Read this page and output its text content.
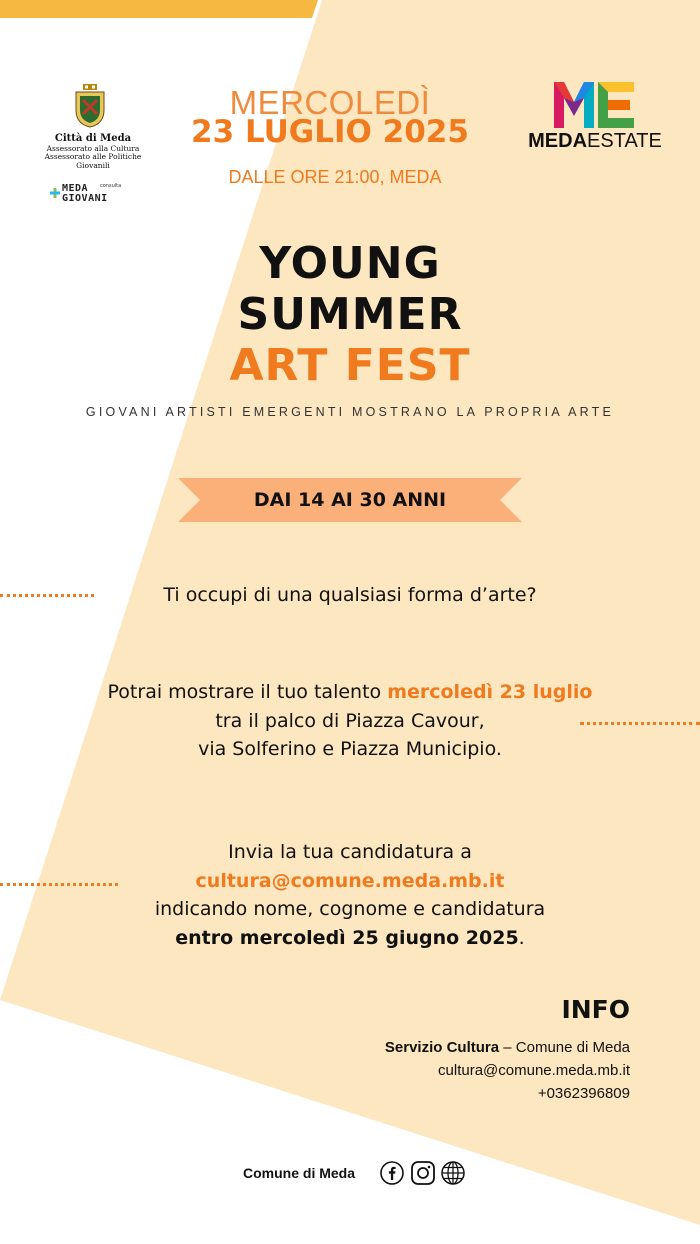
Città di Meda
Assessorato alla Cultura
Assessorato alle Politiche Giovanili
MEDA consulta
GIOVANI
MERCOLEDÌ
23 LUGLIO 2025
DALLE ORE 21:00, MEDA
MEDAESTATE
YOUNG
SUMMER
ART FEST
GIOVANI ARTISTI EMERGENTI MOSTRANO LA PROPRIA ARTE
DAI 14 AI 30 ANNI
Ti occupi di una qualsiasi forma d’arte?
Potrai mostrare il tuo talento mercoledì 23 luglio
tra il palco di Piazza Cavour,
via Solferino e Piazza Municipio.
Invia la tua candidatura a
cultura@comune.meda.mb.it
indicando nome, cognome e candidatura
entro mercoledì 25 giugno 2025.
INFO
Servizio Cultura – Comune di Meda
cultura@comune.meda.mb.it
+0362396809
Comune di Meda
